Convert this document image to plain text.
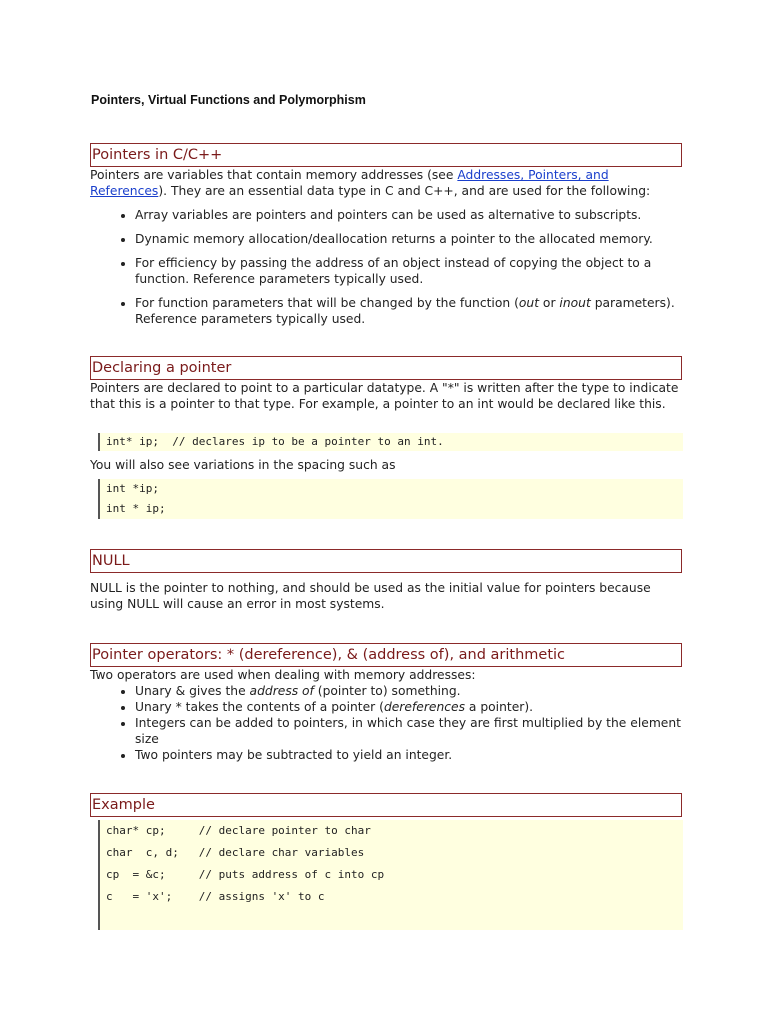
Pointers, Virtual Functions and Polymorphism
Pointers in C/C++
Pointers are variables that contain memory addresses (see Addresses, Pointers, and References). They are an essential data type in C and C++, and are used for the following:
• Array variables are pointers and pointers can be used as alternative to subscripts.
• Dynamic memory allocation/deallocation returns a pointer to the allocated memory.
• For efficiency by passing the address of an object instead of copying the object to a function. Reference parameters typically used.
• For function parameters that will be changed by the function (out or inout parameters). Reference parameters typically used.
Declaring a pointer
Pointers are declared to point to a particular datatype. A "*" is written after the type to indicate that this is a pointer to that type. For example, a pointer to an int would be declared like this.
int* ip;  // declares ip to be a pointer to an int.
You will also see variations in the spacing such as
int *ip;
int * ip;
NULL
NULL is the pointer to nothing, and should be used as the initial value for pointers because using NULL will cause an error in most systems.
Pointer operators: * (dereference), & (address of), and arithmetic
Two operators are used when dealing with memory addresses:
• Unary & gives the address of (pointer to) something.
• Unary * takes the contents of a pointer (dereferences a pointer).
• Integers can be added to pointers, in which case they are first multiplied by the element size
• Two pointers may be subtracted to yield an integer.
Example
char* cp;     // declare pointer to char
char  c, d;   // declare char variables
cp  = &c;     // puts address of c into cp
c   = 'x';    // assigns 'x' to c
